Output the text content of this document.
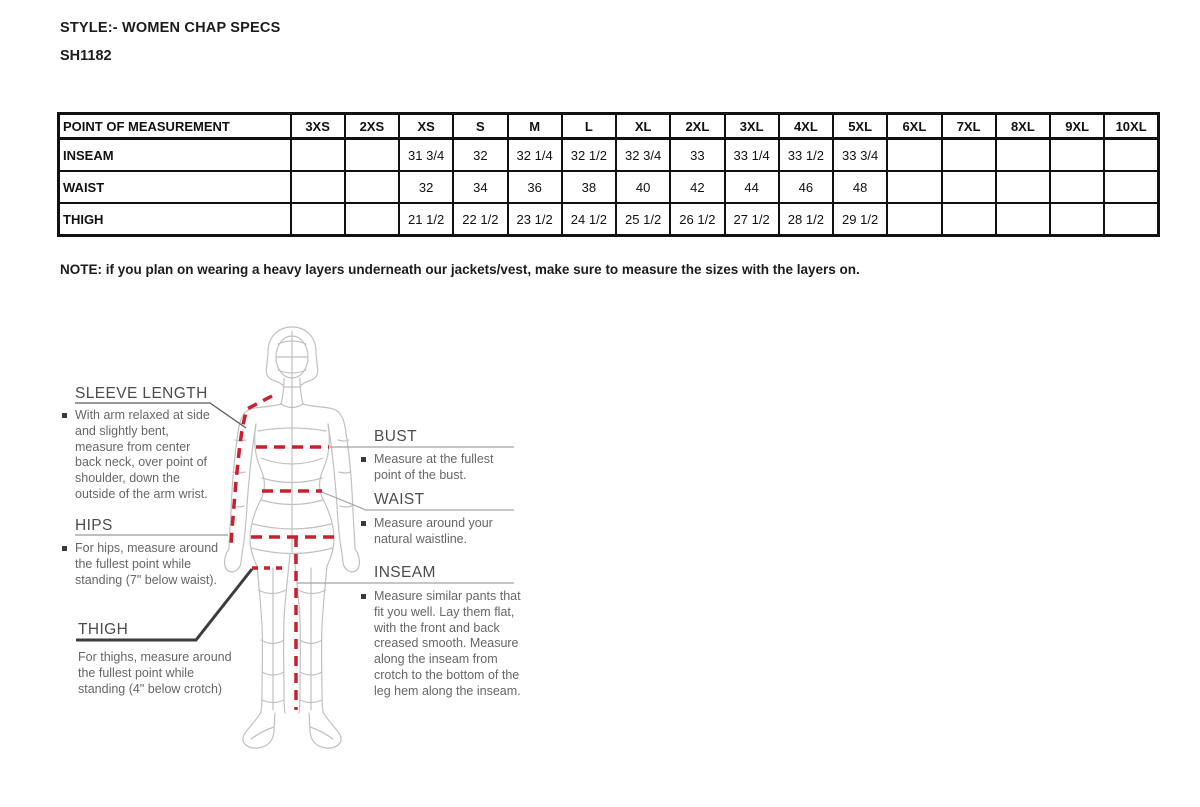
STYLE:- WOMEN CHAP SPECS
SH1182
POINT OF MEASUREMENT	3XS	2XS	XS	S	M	L	XL	2XL	3XL	4XL	5XL	6XL	7XL	8XL	9XL	10XL
INSEAM			31 3/4	32	32 1/4	32 1/2	32 3/4	33	33 1/4	33 1/2	33 3/4					
WAIST			32	34	36	38	40	42	44	46	48					
THIGH			21 1/2	22 1/2	23 1/2	24 1/2	25 1/2	26 1/2	27 1/2	28 1/2	29 1/2					
NOTE: if you plan on wearing a heavy layers underneath our jackets/vest, make sure to measure the sizes with the layers on.
SLEEVE LENGTH

With arm relaxed at side and slightly bent, measure from center back neck, over point of shoulder, down the outside of the arm wrist.

HIPS

For hips, measure around the fullest point while standing (7" below waist).

THIGH

For thighs, measure around the fullest point while standing (4" below crotch)

BUST

Measure at the fullest point of the bust.

WAIST

Measure around your natural waistline.

INSEAM

Measure similar pants that fit you well. Lay them flat, with the front and back creased smooth. Measure along the inseam from crotch to the bottom of the leg hem along the inseam.
